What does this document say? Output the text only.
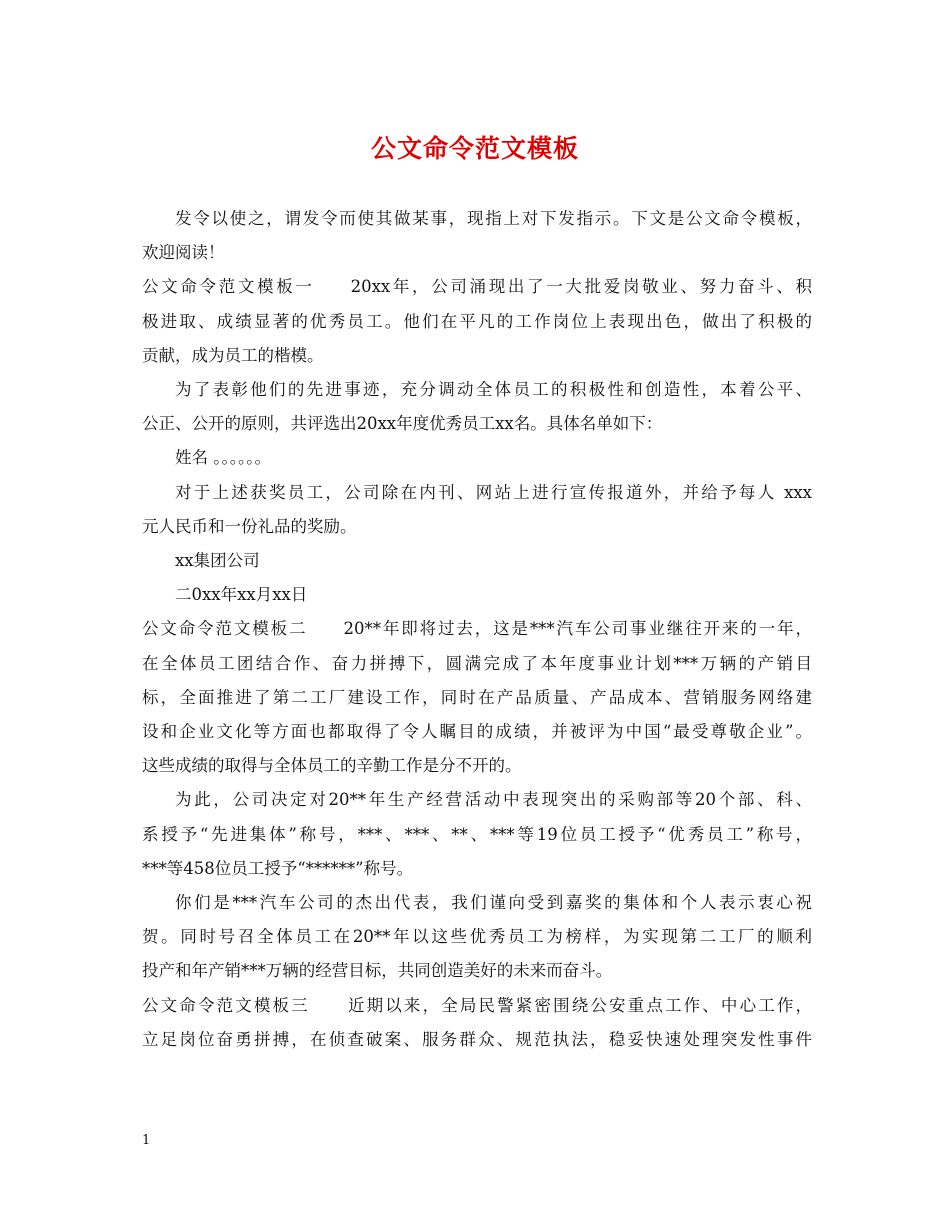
公文命令范文模板
发令以使之，谓发令而使其做某事，现指上对下发指示。下文是公文命令模板，
欢迎阅读！
公文命令范文模板一 20xx年，公司涌现出了一大批爱岗敬业、努力奋斗、积
极进取、成绩显著的优秀员工。他们在平凡的工作岗位上表现出色，做出了积极的
贡献，成为员工的楷模。
为了表彰他们的先进事迹，充分调动全体员工的积极性和创造性，本着公平、
公正、公开的原则，共评选出20xx年度优秀员工xx名。具体名单如下：
姓名 。。。。。。
对于上述获奖员工，公司除在内刊、网站上进行宣传报道外，并给予每人 xxx
元人民币和一份礼品的奖励。
xx集团公司
二0xx年xx月xx日
公文命令范文模板二 20**年即将过去，这是***汽车公司事业继往开来的一年，
在全体员工团结合作、奋力拼搏下，圆满完成了本年度事业计划***万辆的产销目
标，全面推进了第二工厂建设工作，同时在产品质量、产品成本、营销服务网络建
设和企业文化等方面也都取得了令人瞩目的成绩，并被评为中国“最受尊敬企业”。
这些成绩的取得与全体员工的辛勤工作是分不开的。
为此，公司决定对20**年生产经营活动中表现突出的采购部等20个部、科、
系授予“先进集体”称号，***、***、**、***等19位员工授予“优秀员工”称号，
***等458位员工授予“******”称号。
你们是***汽车公司的杰出代表，我们谨向受到嘉奖的集体和个人表示衷心祝
贺。同时号召全体员工在20**年以这些优秀员工为榜样，为实现第二工厂的顺利
投产和年产销***万辆的经营目标，共同创造美好的未来而奋斗。
公文命令范文模板三 近期以来，全局民警紧密围绕公安重点工作、中心工作，
立足岗位奋勇拼搏，在侦查破案、服务群众、规范执法，稳妥快速处理突发性事件
1
